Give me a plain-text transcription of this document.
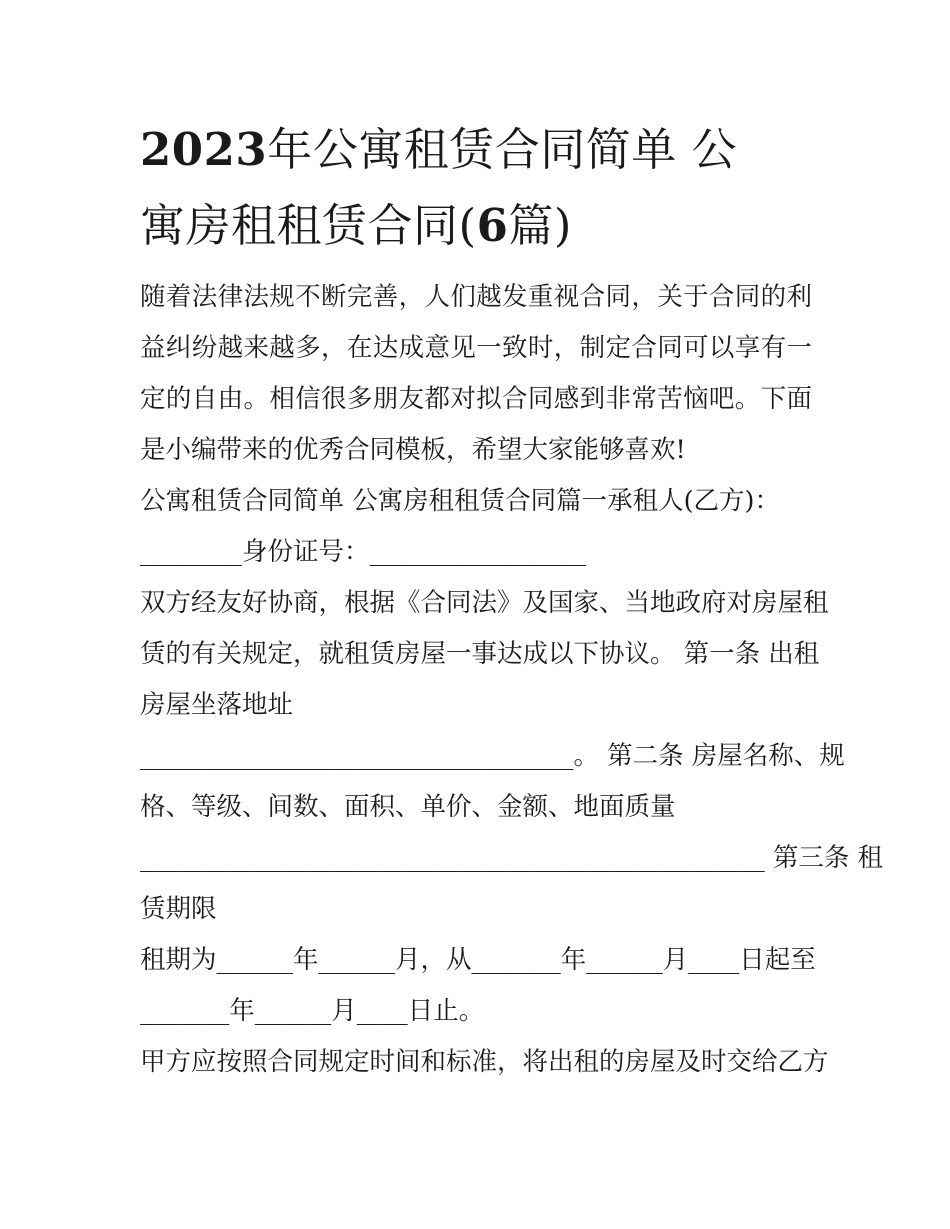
2023年公寓租赁合同简单 公
寓房租租赁合同(6篇)

随着法律法规不断完善，人们越发重视合同，关于合同的利益纠纷越来越多，在达成意见一致时，制定合同可以享有一定的自由。相信很多朋友都对拟合同感到非常苦恼吧。下面是小编带来的优秀合同模板，希望大家能够喜欢!

公寓租赁合同简单 公寓房租租赁合同篇一承租人(乙方)：
________身份证号：_________________
双方经友好协商，根据《合同法》及国家、当地政府对房屋租
赁的有关规定，就租赁房屋一事达成以下协议。 第一条 出租
房屋坐落地址
__________________________________。 第二条 房屋名称、规
格、等级、间数、面积、单价、金额、地面质量
_________________________________________________ 第三条 租
赁期限
租期为______年______月，从_______年______月____日起至
_______年______月____日止。
甲方应按照合同规定时间和标准，将出租的房屋及时交给乙方
